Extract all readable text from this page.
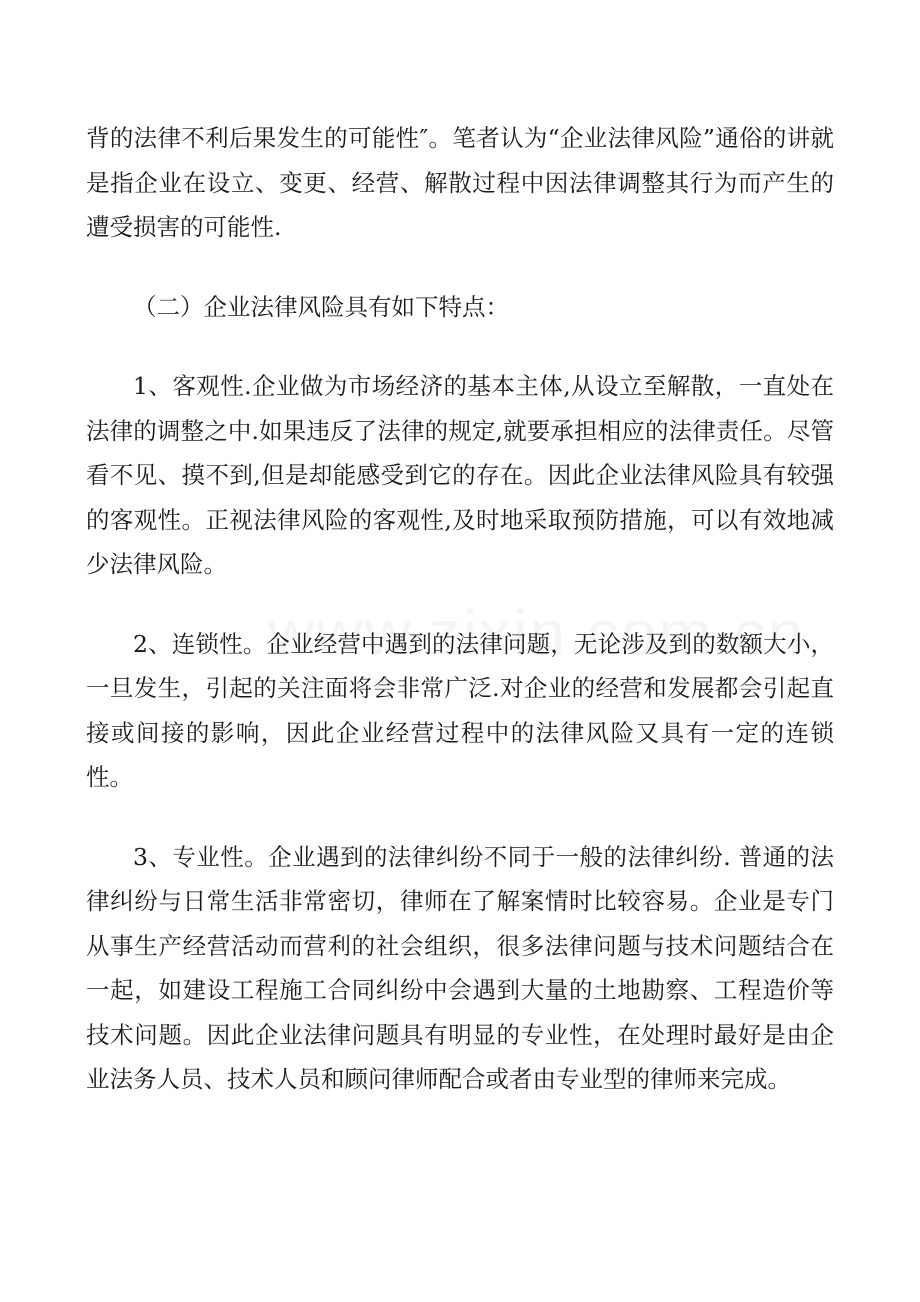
背的法律不利后果发生的可能性″。笔者认为“企业法律风险”通俗的讲就是指企业在设立、变更、经营、解散过程中因法律调整其行为而产生的遭受损害的可能性.

（二）企业法律风险具有如下特点：

1、客观性.企业做为市场经济的基本主体,从设立至解散，一直处在法律的调整之中.如果违反了法律的规定,就要承担相应的法律责任。尽管看不见、摸不到,但是却能感受到它的存在。因此企业法律风险具有较强的客观性。正视法律风险的客观性,及时地采取预防措施，可以有效地减少法律风险。

2、连锁性。企业经营中遇到的法律问题，无论涉及到的数额大小，一旦发生，引起的关注面将会非常广泛.对企业的经营和发展都会引起直接或间接的影响，因此企业经营过程中的法律风险又具有一定的连锁性。

3、专业性。企业遇到的法律纠纷不同于一般的法律纠纷. 普通的法律纠纷与日常生活非常密切，律师在了解案情时比较容易。企业是专门从事生产经营活动而营利的社会组织，很多法律问题与技术问题结合在一起，如建设工程施工合同纠纷中会遇到大量的土地勘察、工程造价等技术问题。因此企业法律问题具有明显的专业性，在处理时最好是由企业法务人员、技术人员和顾问律师配合或者由专业型的律师来完成。
